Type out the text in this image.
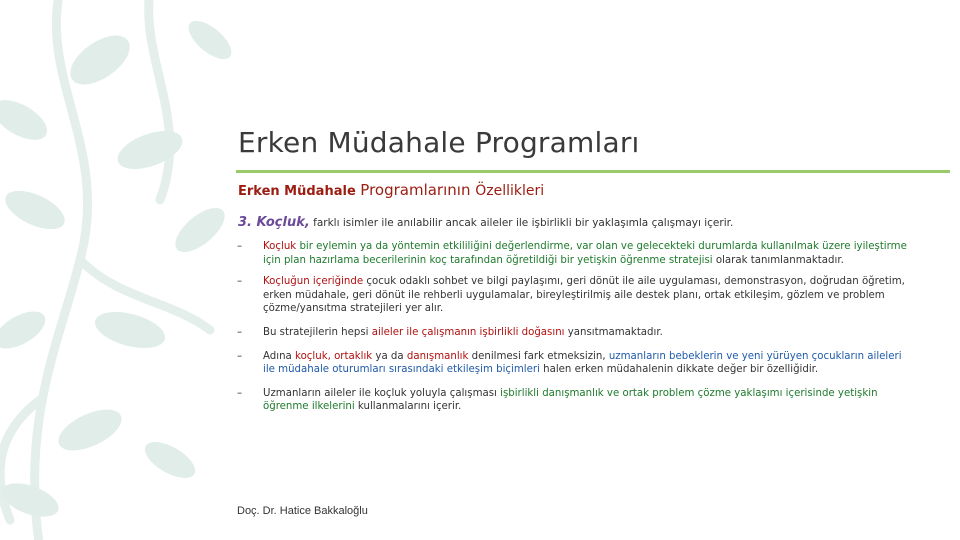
Erken Müdahale Programları
Erken Müdahale Programlarının Özellikleri
3. Koçluk, farklı isimler ile anılabilir ancak aileler ile işbirlikli bir yaklaşımla çalışmayı içerir.
– Koçluk bir eylemin ya da yöntemin etkililiğini değerlendirme, var olan ve gelecekteki durumlarda kullanılmak üzere iyileştirme için plan hazırlama becerilerinin koç tarafından öğretildiği bir yetişkin öğrenme stratejisi olarak tanımlanmaktadır.
– Koçluğun içeriğinde çocuk odaklı sohbet ve bilgi paylaşımı, geri dönüt ile aile uygulaması, demonstrasyon, doğrudan öğretim, erken müdahale, geri dönüt ile rehberli uygulamalar, bireyleştirilmiş aile destek planı, ortak etkileşim, gözlem ve problem çözme/yansıtma stratejileri yer alır.
– Bu stratejilerin hepsi aileler ile çalışmanın işbirlikli doğasını yansıtmamaktadır.
– Adına koçluk, ortaklık ya da danışmanlık denilmesi fark etmeksizin, uzmanların bebeklerin ve yeni yürüyen çocukların aileleri ile müdahale oturumları sırasındaki etkileşim biçimleri halen erken müdahalenin dikkate değer bir özelliğidir.
– Uzmanların aileler ile koçluk yoluyla çalışması işbirlikli danışmanlık ve ortak problem çözme yaklaşımı içerisinde yetişkin öğrenme ilkelerini kullanmalarını içerir.
Doç. Dr. Hatice Bakkaloğlu
